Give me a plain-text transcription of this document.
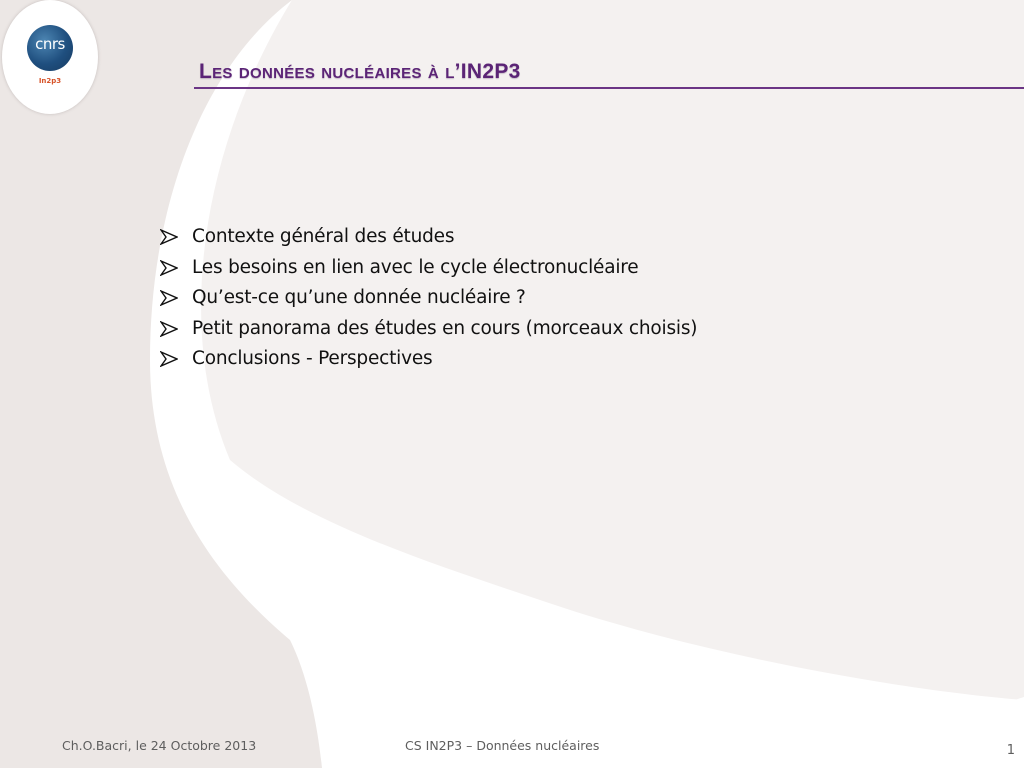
cnrs
In2p3	Les données nucléaires à l’IN2P3
Contexte général des études
Les besoins en lien avec le cycle électronucléaire
Qu’est-ce qu’une donnée nucléaire ?
Petit panorama des études en cours (morceaux choisis)
Conclusions - Perspectives
Ch.O.Bacri, le 24 Octobre 2013	CS IN2P3 – Données nucléaires	1
